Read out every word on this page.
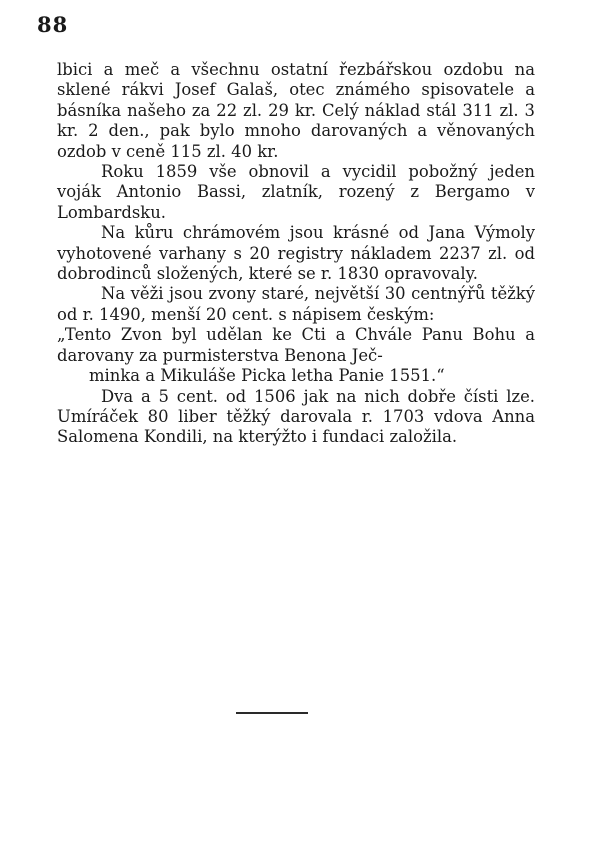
88

lbici a meč a všechnu ostatní řezbářskou ozdobu na sklené rákvi Josef Galaš, otec známého spisovatele a básníka našeho za 22 zl. 29 kr. Celý náklad stál 311 zl. 3 kr. 2 den., pak bylo mnoho darovaných a věnovaných ozdob v ceně 115 zl. 40 kr.

Roku 1859 vše obnovil a vycidil pobožný jeden voják Antonio Bassi, zlatník, rozený z Bergamo v Lombardsku.

Na kůru chrámovém jsou krásné od Jana Výmoly vyhotovené varhany s 20 registry nákladem 2237 zl. od dobrodinců složených, které se r. 1830 opravovaly.

Na věži jsou zvony staré, největší 30 centnýřů těžký od r. 1490, menší 20 cent. s nápisem českým:

„Tento Zvon byl udělan ke Cti a Chvále Panu Bohu a darovany za purmisterstva Benona Ječ-
minka a Mikuláše Picka letha Panie 1551.“

Dva a 5 cent. od 1506 jak na nich dobře čísti lze. Umíráček 80 liber těžký darovala r. 1703 vdova Anna Salomena Kondili, na kterýžto i fundaci založila.
